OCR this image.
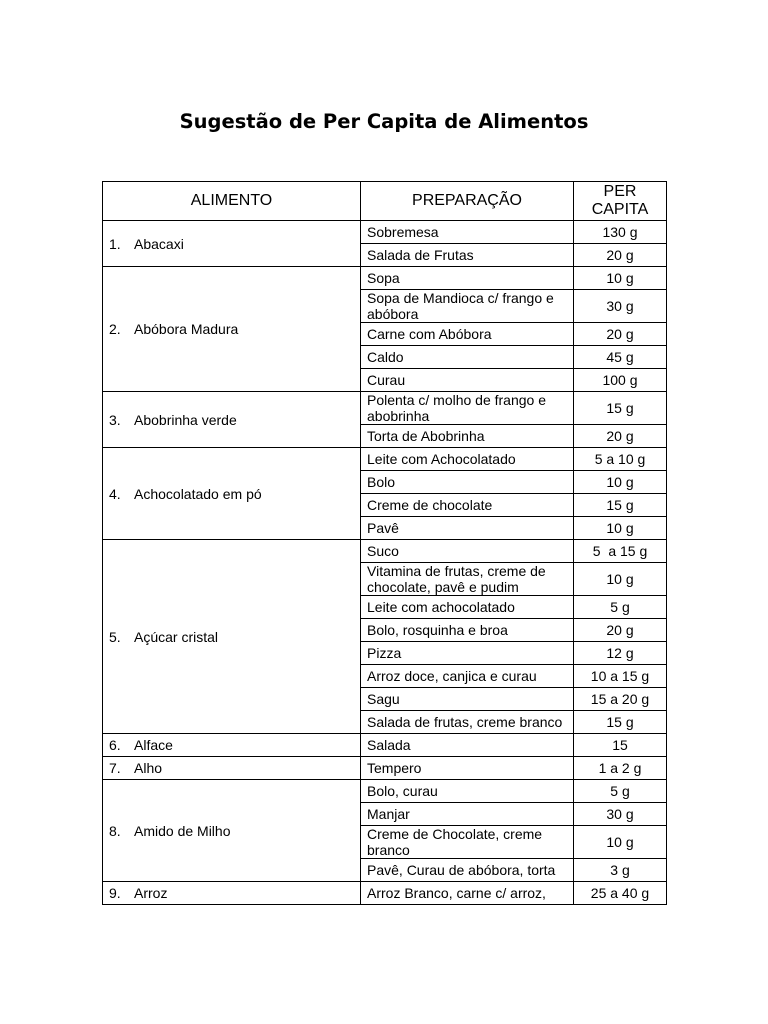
Sugestão de Per Capita de Alimentos
ALIMENTO	PREPARAÇÃO	PER
CAPITA
1. Abacaxi	Sobremesa	130 g
	Salada de Frutas	20 g
2. Abóbora Madura	Sopa	10 g
	Sopa de Mandioca c/ frango e abóbora	30 g
	Carne com Abóbora	20 g
	Caldo	45 g
	Curau	100 g
3. Abobrinha verde	Polenta c/ molho de frango e abobrinha	15 g
	Torta de Abobrinha	20 g
4. Achocolatado em pó	Leite com Achocolatado	5 a 10 g
	Bolo	10 g
	Creme de chocolate	15 g
	Pavê	10 g
5. Açúcar cristal	Suco	5  a 15 g
	Vitamina de frutas, creme de chocolate, pavê e pudim	10 g
	Leite com achocolatado	5 g
	Bolo, rosquinha e broa	20 g
	Pizza	12 g
	Arroz doce, canjica e curau	10 a 15 g
	Sagu	15 a 20 g
	Salada de frutas, creme branco	15 g
6. Alface	Salada	15
7. Alho	Tempero	1 a 2 g
8. Amido de Milho	Bolo, curau	5 g
	Manjar	30 g
	Creme de Chocolate, creme branco	10 g
	Pavê, Curau de abóbora, torta	3 g
9. Arroz	Arroz Branco, carne c/ arroz,	25 a 40 g
